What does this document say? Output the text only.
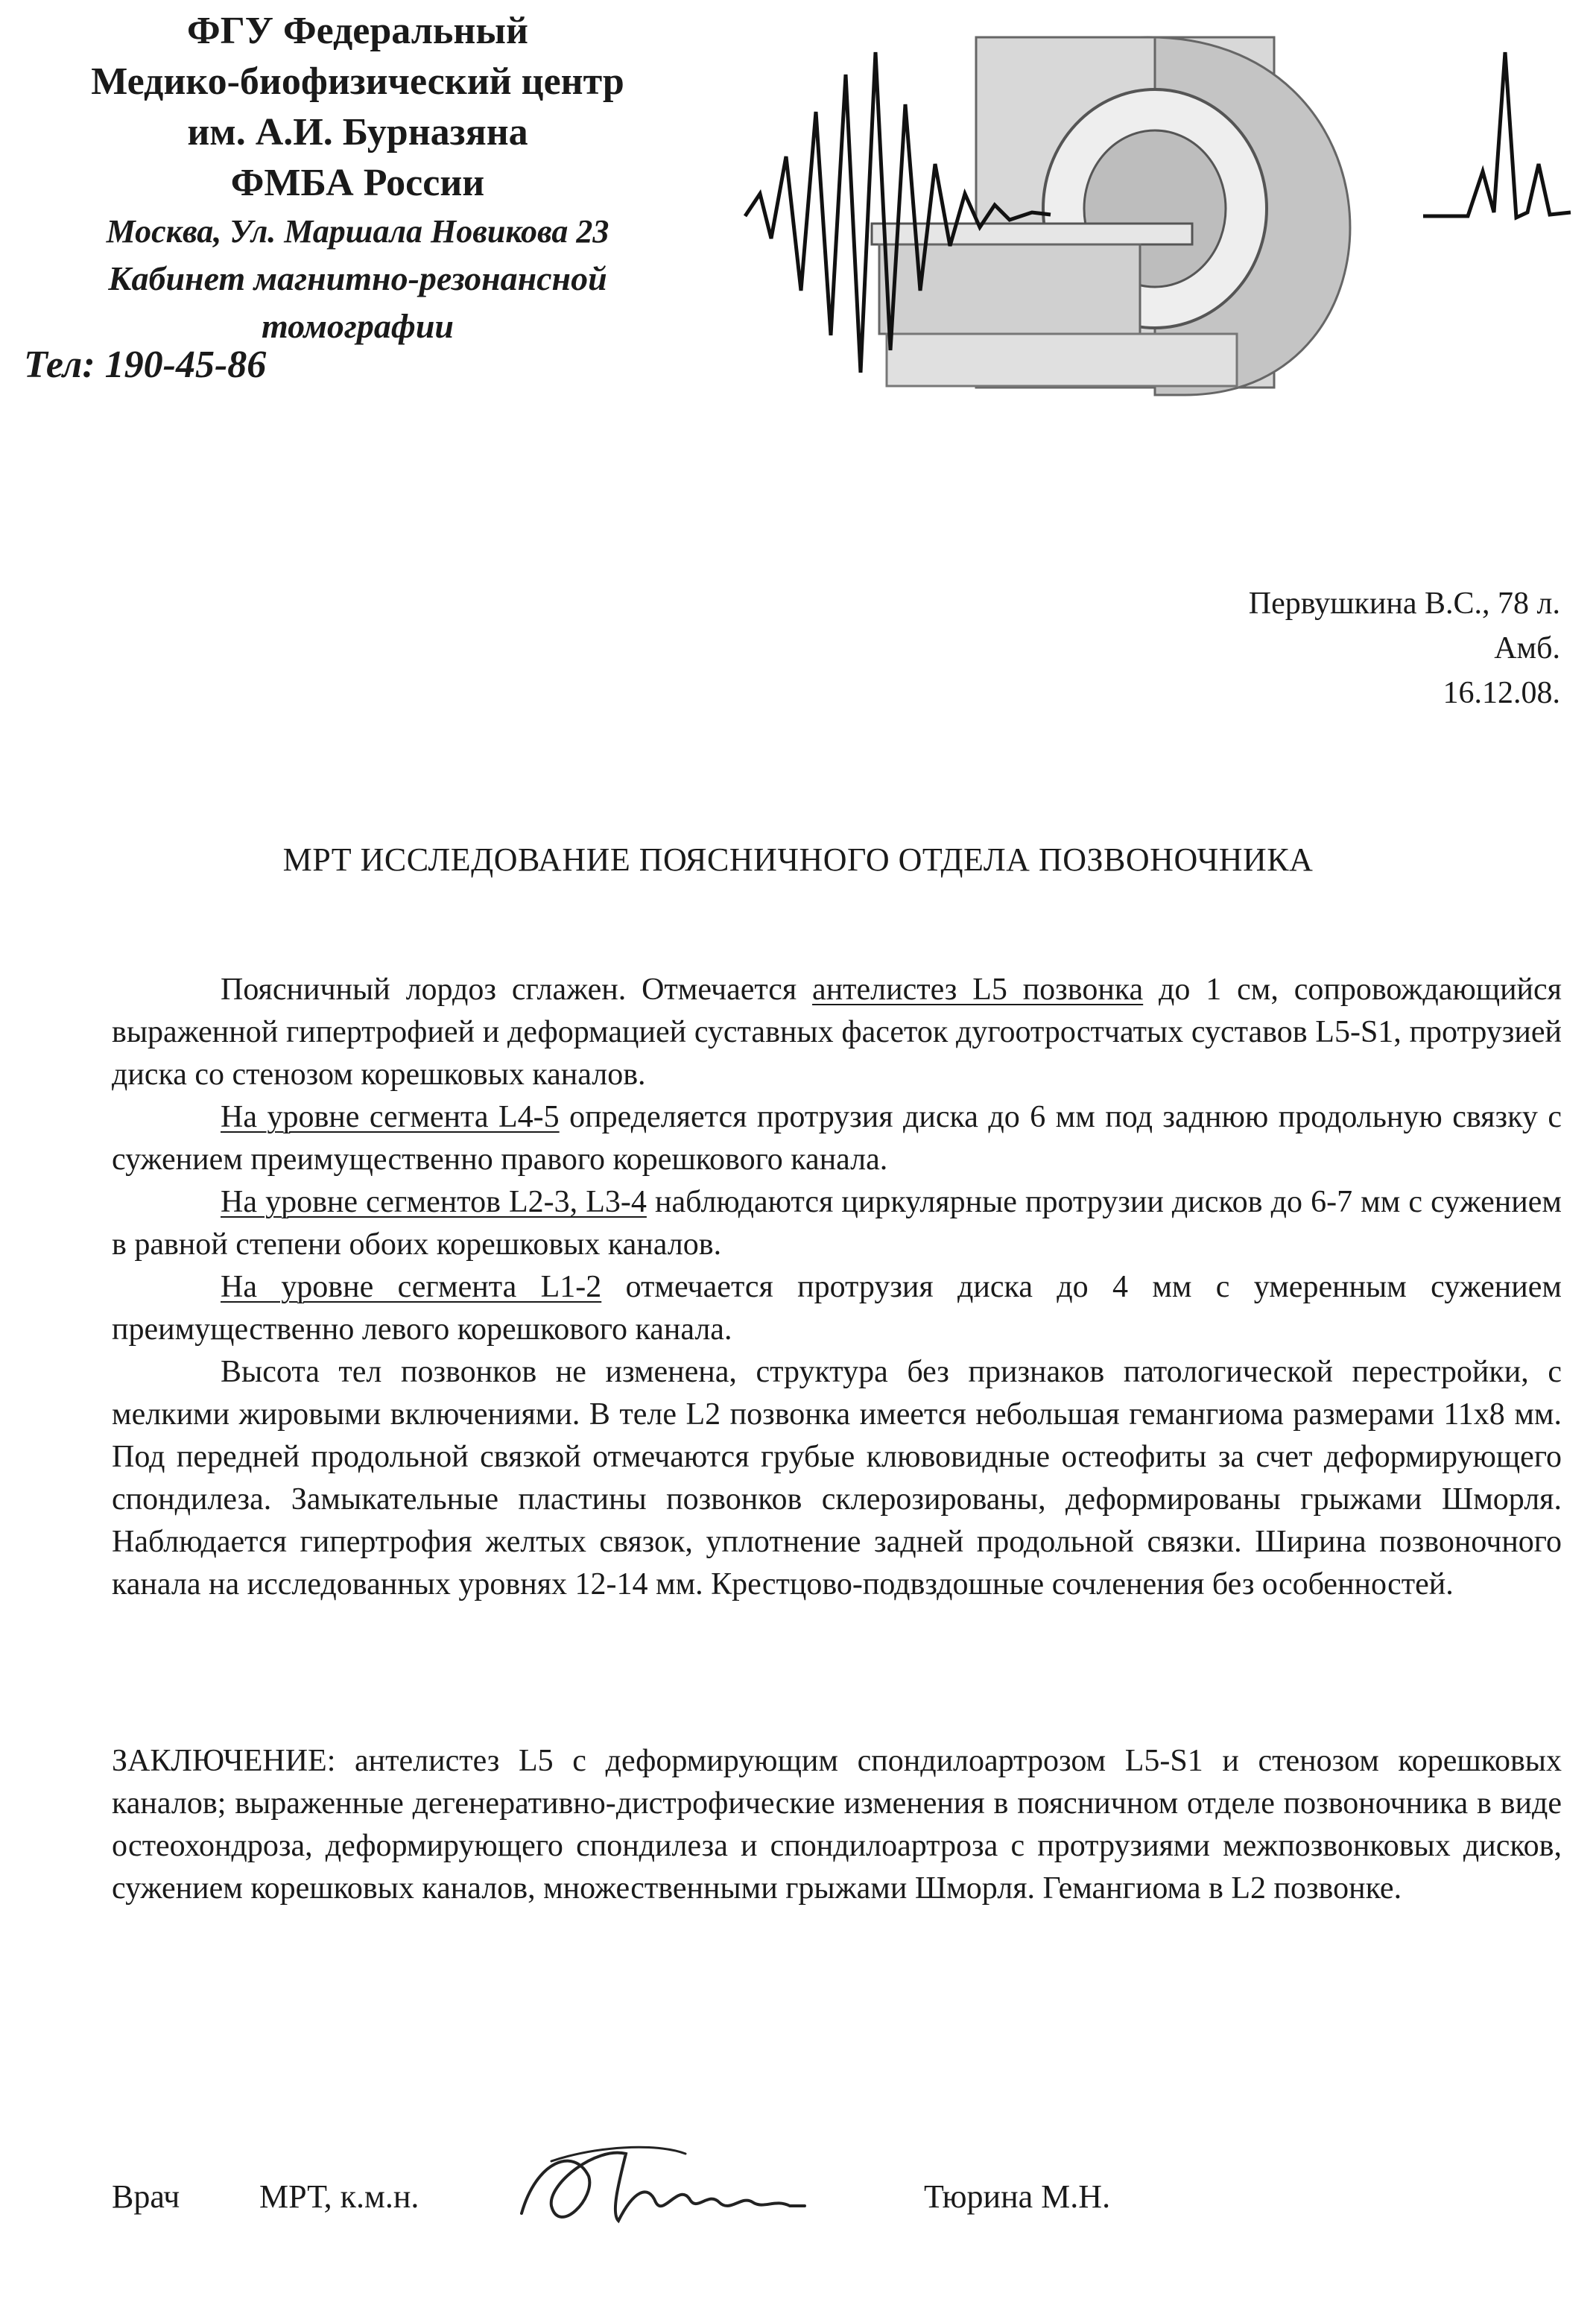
ФГУ Федеральный
Медико-биофизический центр
им. А.И. Бурназяна
ФМБА России
Москва, Ул. Маршала Новикова 23
Кабинет магнитно-резонансной
томографии
Тел: 190-45-86
Первушкина В.С., 78 л.
Амб.
16.12.08.
МРТ ИССЛЕДОВАНИЕ ПОЯСНИЧНОГО ОТДЕЛА ПОЗВОНОЧНИКА

Поясничный лордоз сглажен. Отмечается антелистез L5 позвонка до 1 см, сопровождающийся выраженной гипертрофией и деформацией суставных фасеток дугоотростчатых суставов L5-S1, протрузией диска со стенозом корешковых каналов.

На уровне сегмента L4-5 определяется протрузия диска до 6 мм под заднюю продольную связку с сужением преимущественно правого корешкового канала.

На уровне сегментов L2-3, L3-4 наблюдаются циркулярные протрузии дисков до 6-7 мм с сужением в равной степени обоих корешковых каналов.

На уровне сегмента L1-2 отмечается протрузия диска до 4 мм с умеренным сужением преимущественно левого корешкового канала.

Высота тел позвонков не изменена, структура без признаков патологической перестройки, с мелкими жировыми включениями. В теле L2 позвонка имеется небольшая гемангиома размерами 11х8 мм. Под передней продольной связкой отмечаются грубые клювовидные остеофиты за счет деформирующего спондилеза. Замыкательные пластины позвонков склерозированы, деформированы грыжами Шморля. Наблюдается гипертрофия желтых связок, уплотнение задней продольной связки. Ширина позвоночного канала на исследованных уровнях 12-14 мм. Крестцово-подвздошные сочленения без особенностей.

ЗАКЛЮЧЕНИЕ: антелистез L5 с деформирующим спондилоартрозом L5-S1 и стенозом корешковых каналов; выраженные дегенеративно-дистрофические изменения в поясничном отделе позвоночника в виде остеохондроза, деформирующего спондилеза и спондилоартроза с протрузиями межпозвонковых дисков, сужением корешковых каналов, множественными грыжами Шморля. Гемангиома в L2 позвонке.

Врач МРТ, к.м.н.	Тюрина М.Н.
